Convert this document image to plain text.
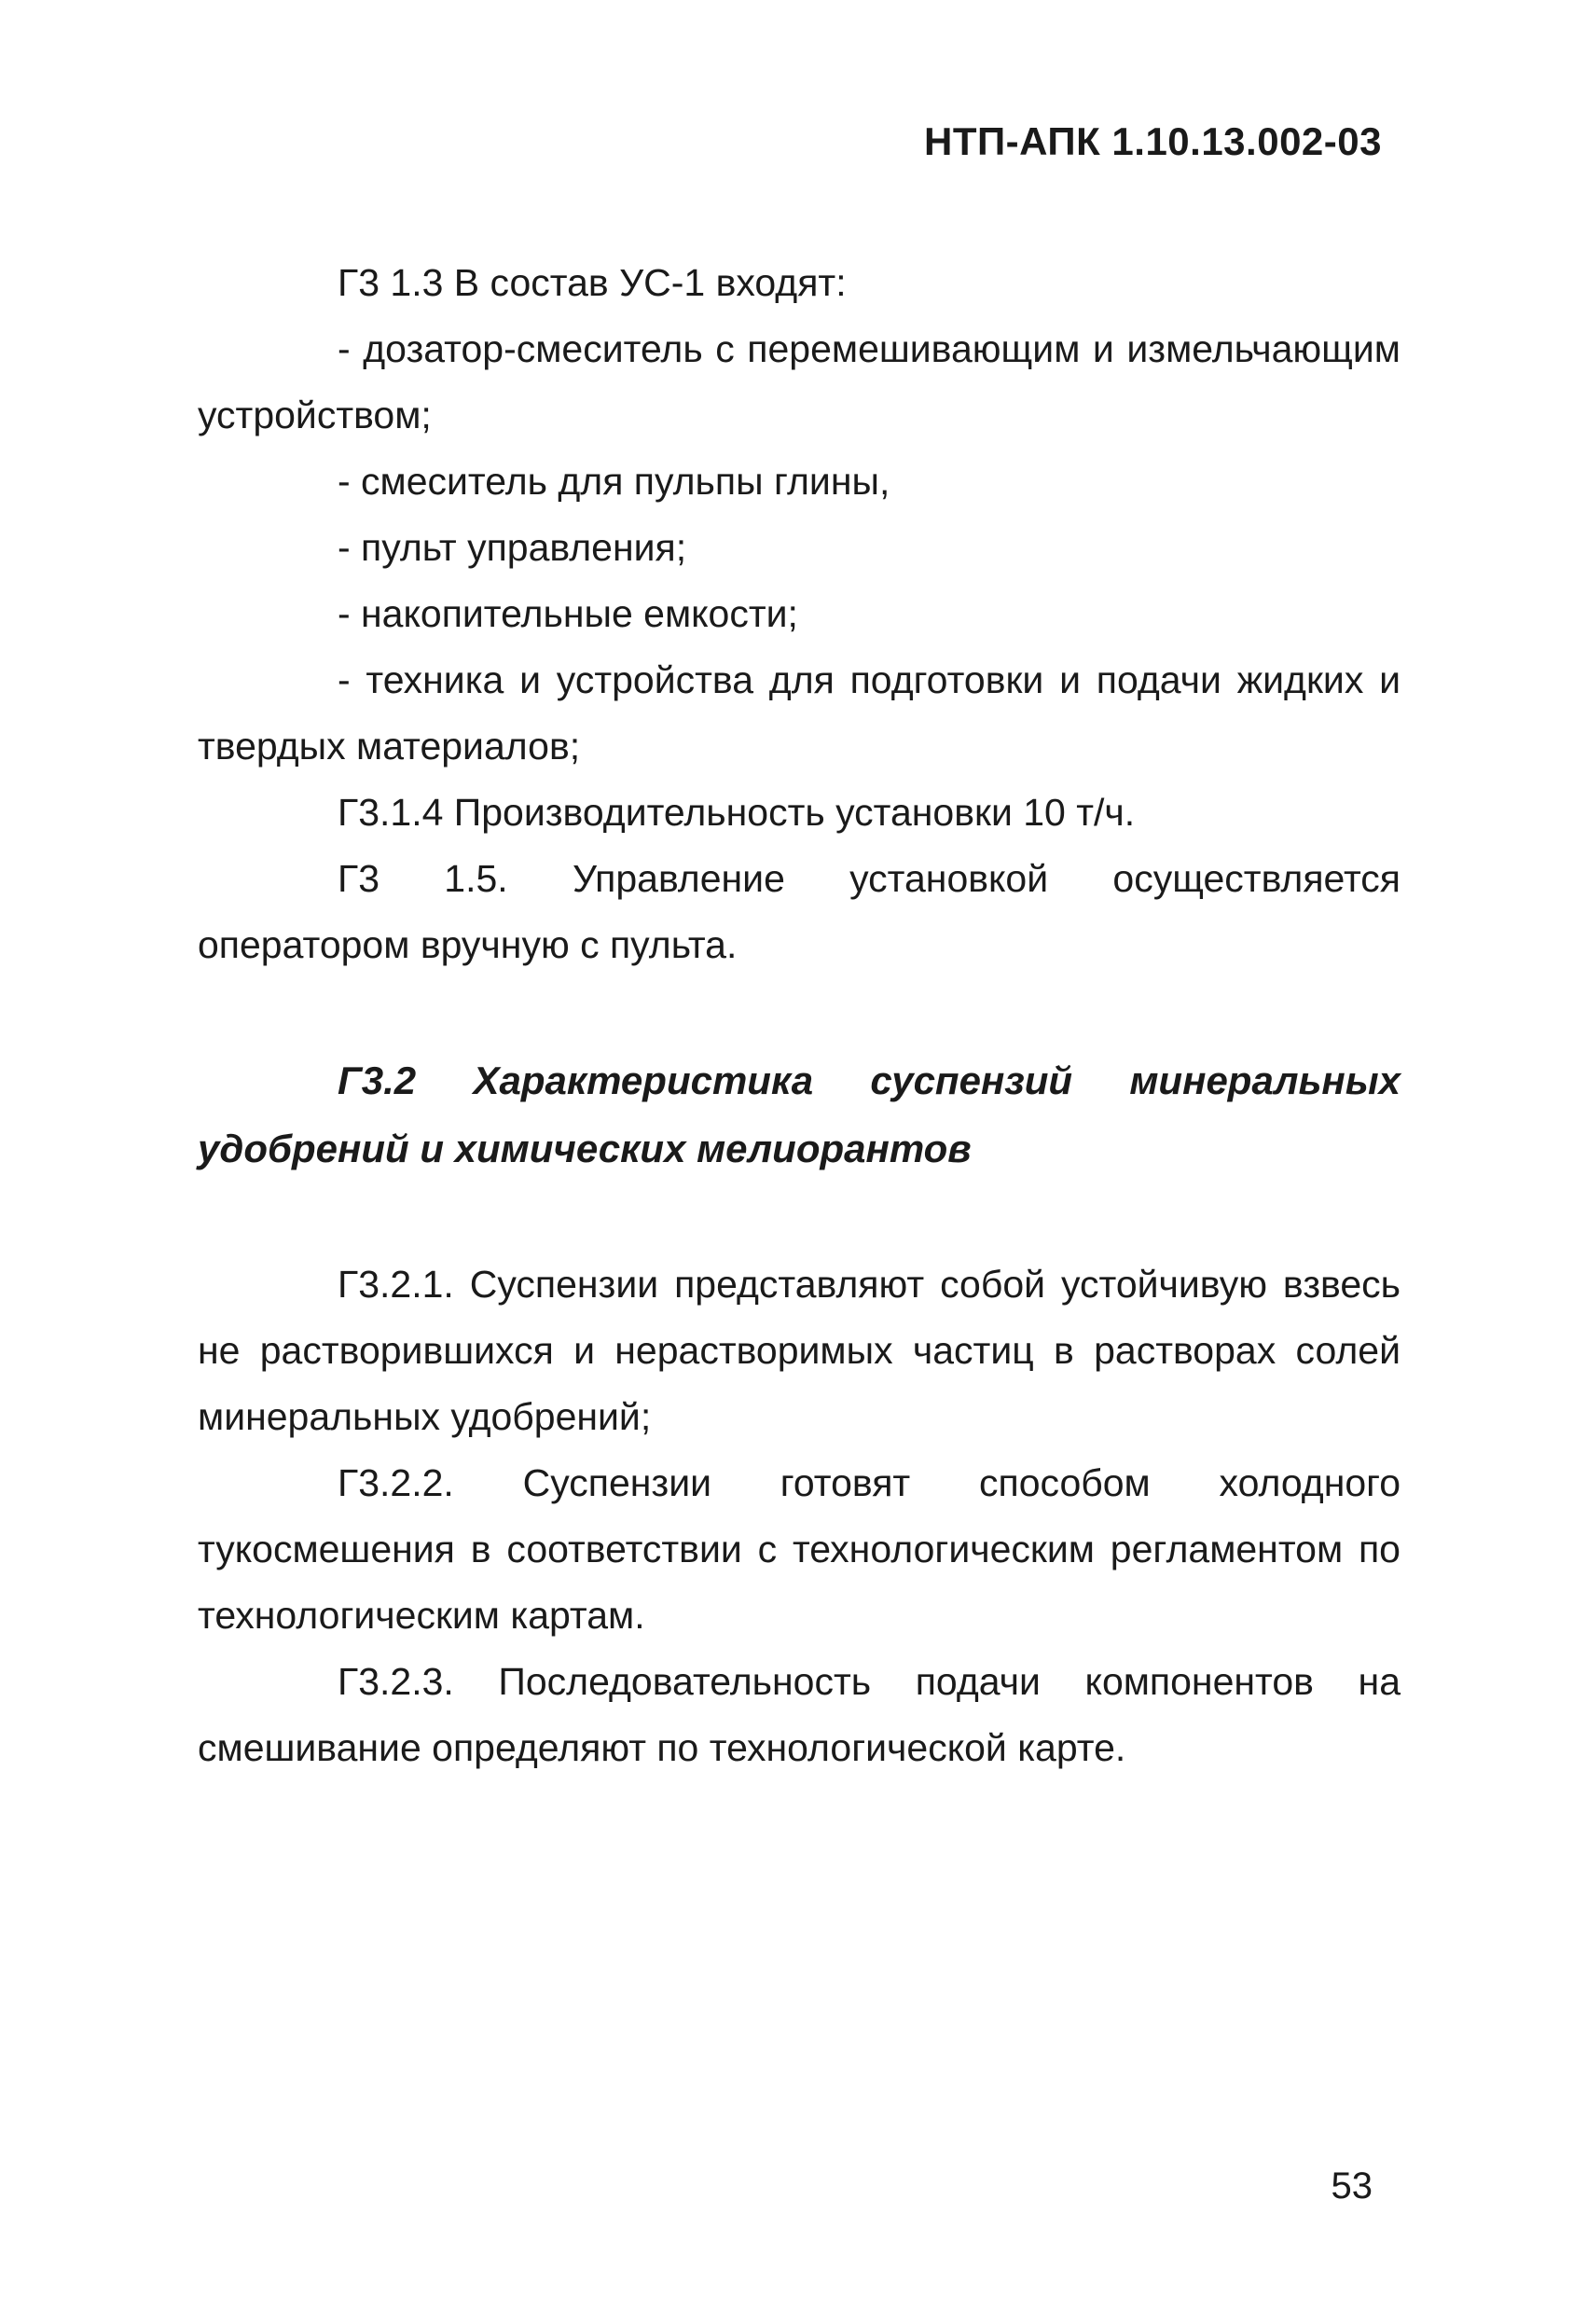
НТП-АПК 1.10.13.002-03

Г3 1.3 В состав УС-1 входят:

- дозатор-смеситель с перемешивающим и измельчающим устройством;

- смеситель для пульпы глины,

- пульт управления;

- накопительные емкости;

- техника и устройства для подготовки и подачи жидких и твердых материалов;

Г3.1.4 Производительность установки 10 т/ч.

Г3 1.5. Управление установкой осуществляется оператором вручную с пульта.

Г3.2 Характеристика суспензий минеральных удобрений и химических мелиорантов

Г3.2.1. Суспензии представляют собой устойчивую взвесь не растворившихся и нерастворимых частиц в растворах солей минеральных удобрений;

Г3.2.2. Суспензии готовят способом холодного тукосмешения в соответствии с технологическим регламентом по технологическим картам.

Г3.2.3. Последовательность подачи компонентов на смешивание определяют по технологической карте.

53
